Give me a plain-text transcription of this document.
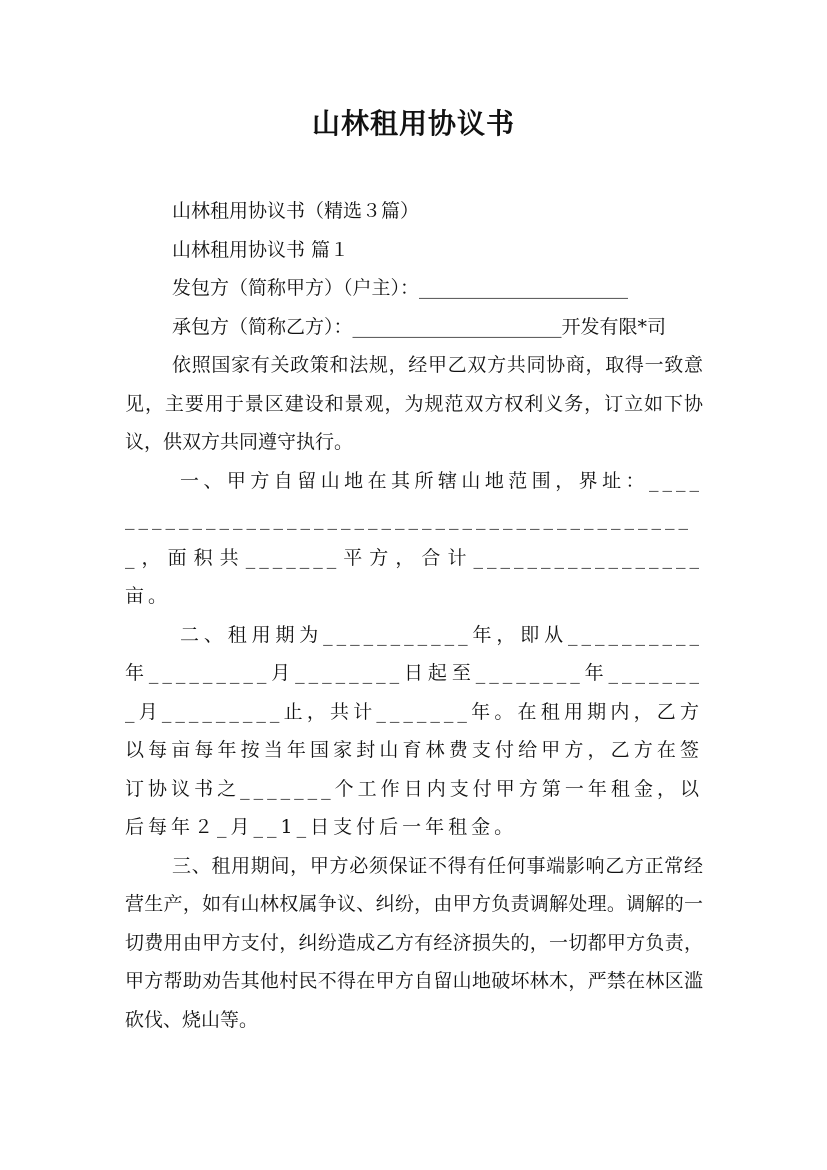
山林租用协议书

山林租用协议书（精选３篇）

山林租用协议书 篇１

发包方（简称甲方）（户主）：______________________

承包方（简称乙方）：______________________开发有限*司

依照国家有关政策和法规，经甲乙双方共同协商，取得一致意见，主要用于景区建设和景观，为规范双方权利义务，订立如下协议，供双方共同遵守执行。

一、甲方自留山地在其所辖山地范围，界址：_______________________________________________，面积共_______平方，合计_________________亩。

二、租用期为___________年，即从__________年_________月________日起至________年________月_________止，共计_______年。在租用期内，乙方以每亩每年按当年国家封山育林费支付给甲方，乙方在签订协议书之_______个工作日内支付甲方第一年租金，以后每年２_月__1_日支付后一年租金。

三、租用期间，甲方必须保证不得有任何事端影响乙方正常经营生产，如有山林权属争议、纠纷，由甲方负责调解处理。调解的一切费用由甲方支付，纠纷造成乙方有经济损失的，一切都甲方负责，甲方帮助劝告其他村民不得在甲方自留山地破坏林木，严禁在林区滥砍伐、烧山等。
